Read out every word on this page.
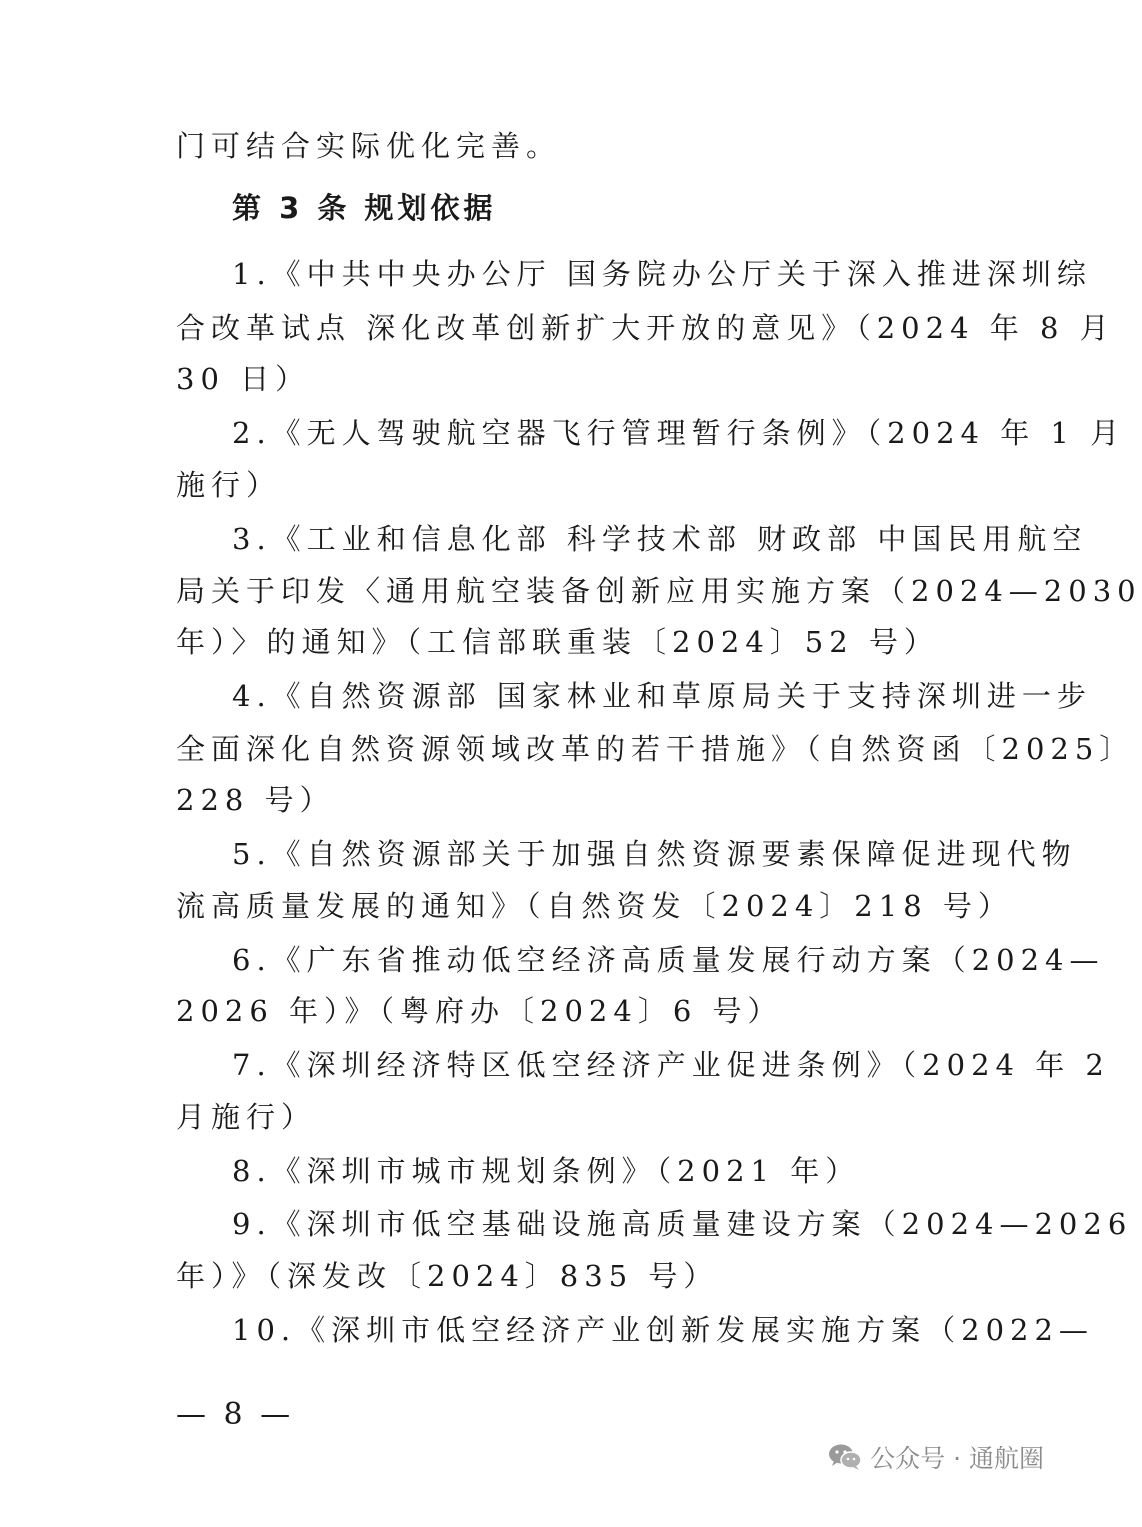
门可结合实际优化完善。
第 3 条 规划依据
1.《中共中央办公厅 国务院办公厅关于深入推进深圳综
合改革试点 深化改革创新扩大开放的意见》（2024 年 8 月
30 日）
2.《无人驾驶航空器飞行管理暂行条例》（2024 年 1 月
施行）
3.《工业和信息化部 科学技术部 财政部 中国民用航空
局关于印发〈通用航空装备创新应用实施方案（2024—2030
年）〉的通知》（工信部联重装〔2024〕52 号）
4.《自然资源部 国家林业和草原局关于支持深圳进一步
全面深化自然资源领域改革的若干措施》（自然资函〔2025〕
228 号）
5.《自然资源部关于加强自然资源要素保障促进现代物
流高质量发展的通知》（自然资发〔2024〕218 号）
6.《广东省推动低空经济高质量发展行动方案（2024—
2026 年）》（粤府办〔2024〕6 号）
7.《深圳经济特区低空经济产业促进条例》（2024 年 2
月施行）
8.《深圳市城市规划条例》（2021 年）
9.《深圳市低空基础设施高质量建设方案（2024—2026
年）》（深发改〔2024〕835 号）
10.《深圳市低空经济产业创新发展实施方案（2022—
— 8 —
公众号 · 通航圈
